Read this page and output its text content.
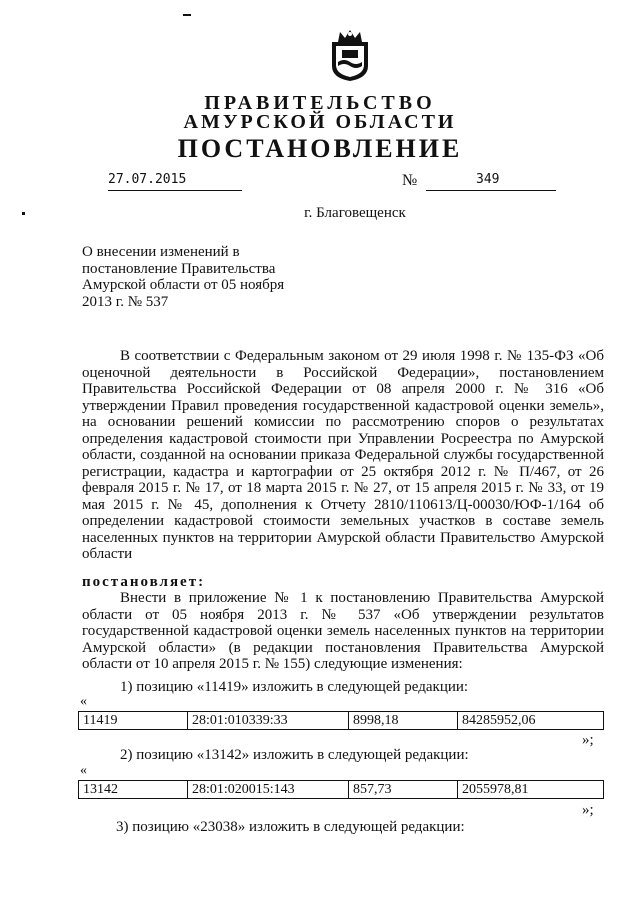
ПРАВИТЕЛЬСТВО
АМУРСКОЙ ОБЛАСТИ
ПОСТАНОВЛЕНИЕ
27.07.2015	№	349
г. Благовещенск
О внесении изменений в
постановление Правительства
Амурской области от 05 ноября
2013 г. № 537

В соответствии с Федеральным законом от 29 июля 1998 г. № 135-ФЗ «Об оценочной деятельности в Российской Федерации», постановлением Правительства Российской Федерации от 08 апреля 2000 г. № 316 «Об утверждении Правил проведения государственной кадастровой оценки земель», на основании решений комиссии по рассмотрению споров о результатах определения кадастровой стоимости при Управлении Росреестра по Амурской области, созданной на основании приказа Федеральной службы государственной регистрации, кадастра и картографии от 25 октября 2012 г. № П/467, от 26 февраля 2015 г. № 17, от 18 марта 2015 г. № 27, от 15 апреля 2015 г. № 33, от 19 мая 2015 г. № 45, дополнения к Отчету 2810/110613/Ц-00030/ЮФ-1/164 об определении кадастровой стоимости земельных участков в составе земель населенных пунктов на территории Амурской области Правительство Амурской области

постановляет:

Внести в приложение № 1 к постановлению Правительства Амурской области от 05 ноября 2013 г. № 537 «Об утверждении результатов государственной кадастровой оценки земель населенных пунктов на территории Амурской области» (в редакции постановления Правительства Амурской области от 10 апреля 2015 г. № 155) следующие изменения:

1) позицию «11419» изложить в следующей редакции:
«
11419	28:01:010339:33	8998,18	84285952,06
»;
2) позицию «13142» изложить в следующей редакции:
«
13142	28:01:020015:143	857,73	2055978,81
»;
3) позицию «23038» изложить в следующей редакции:
